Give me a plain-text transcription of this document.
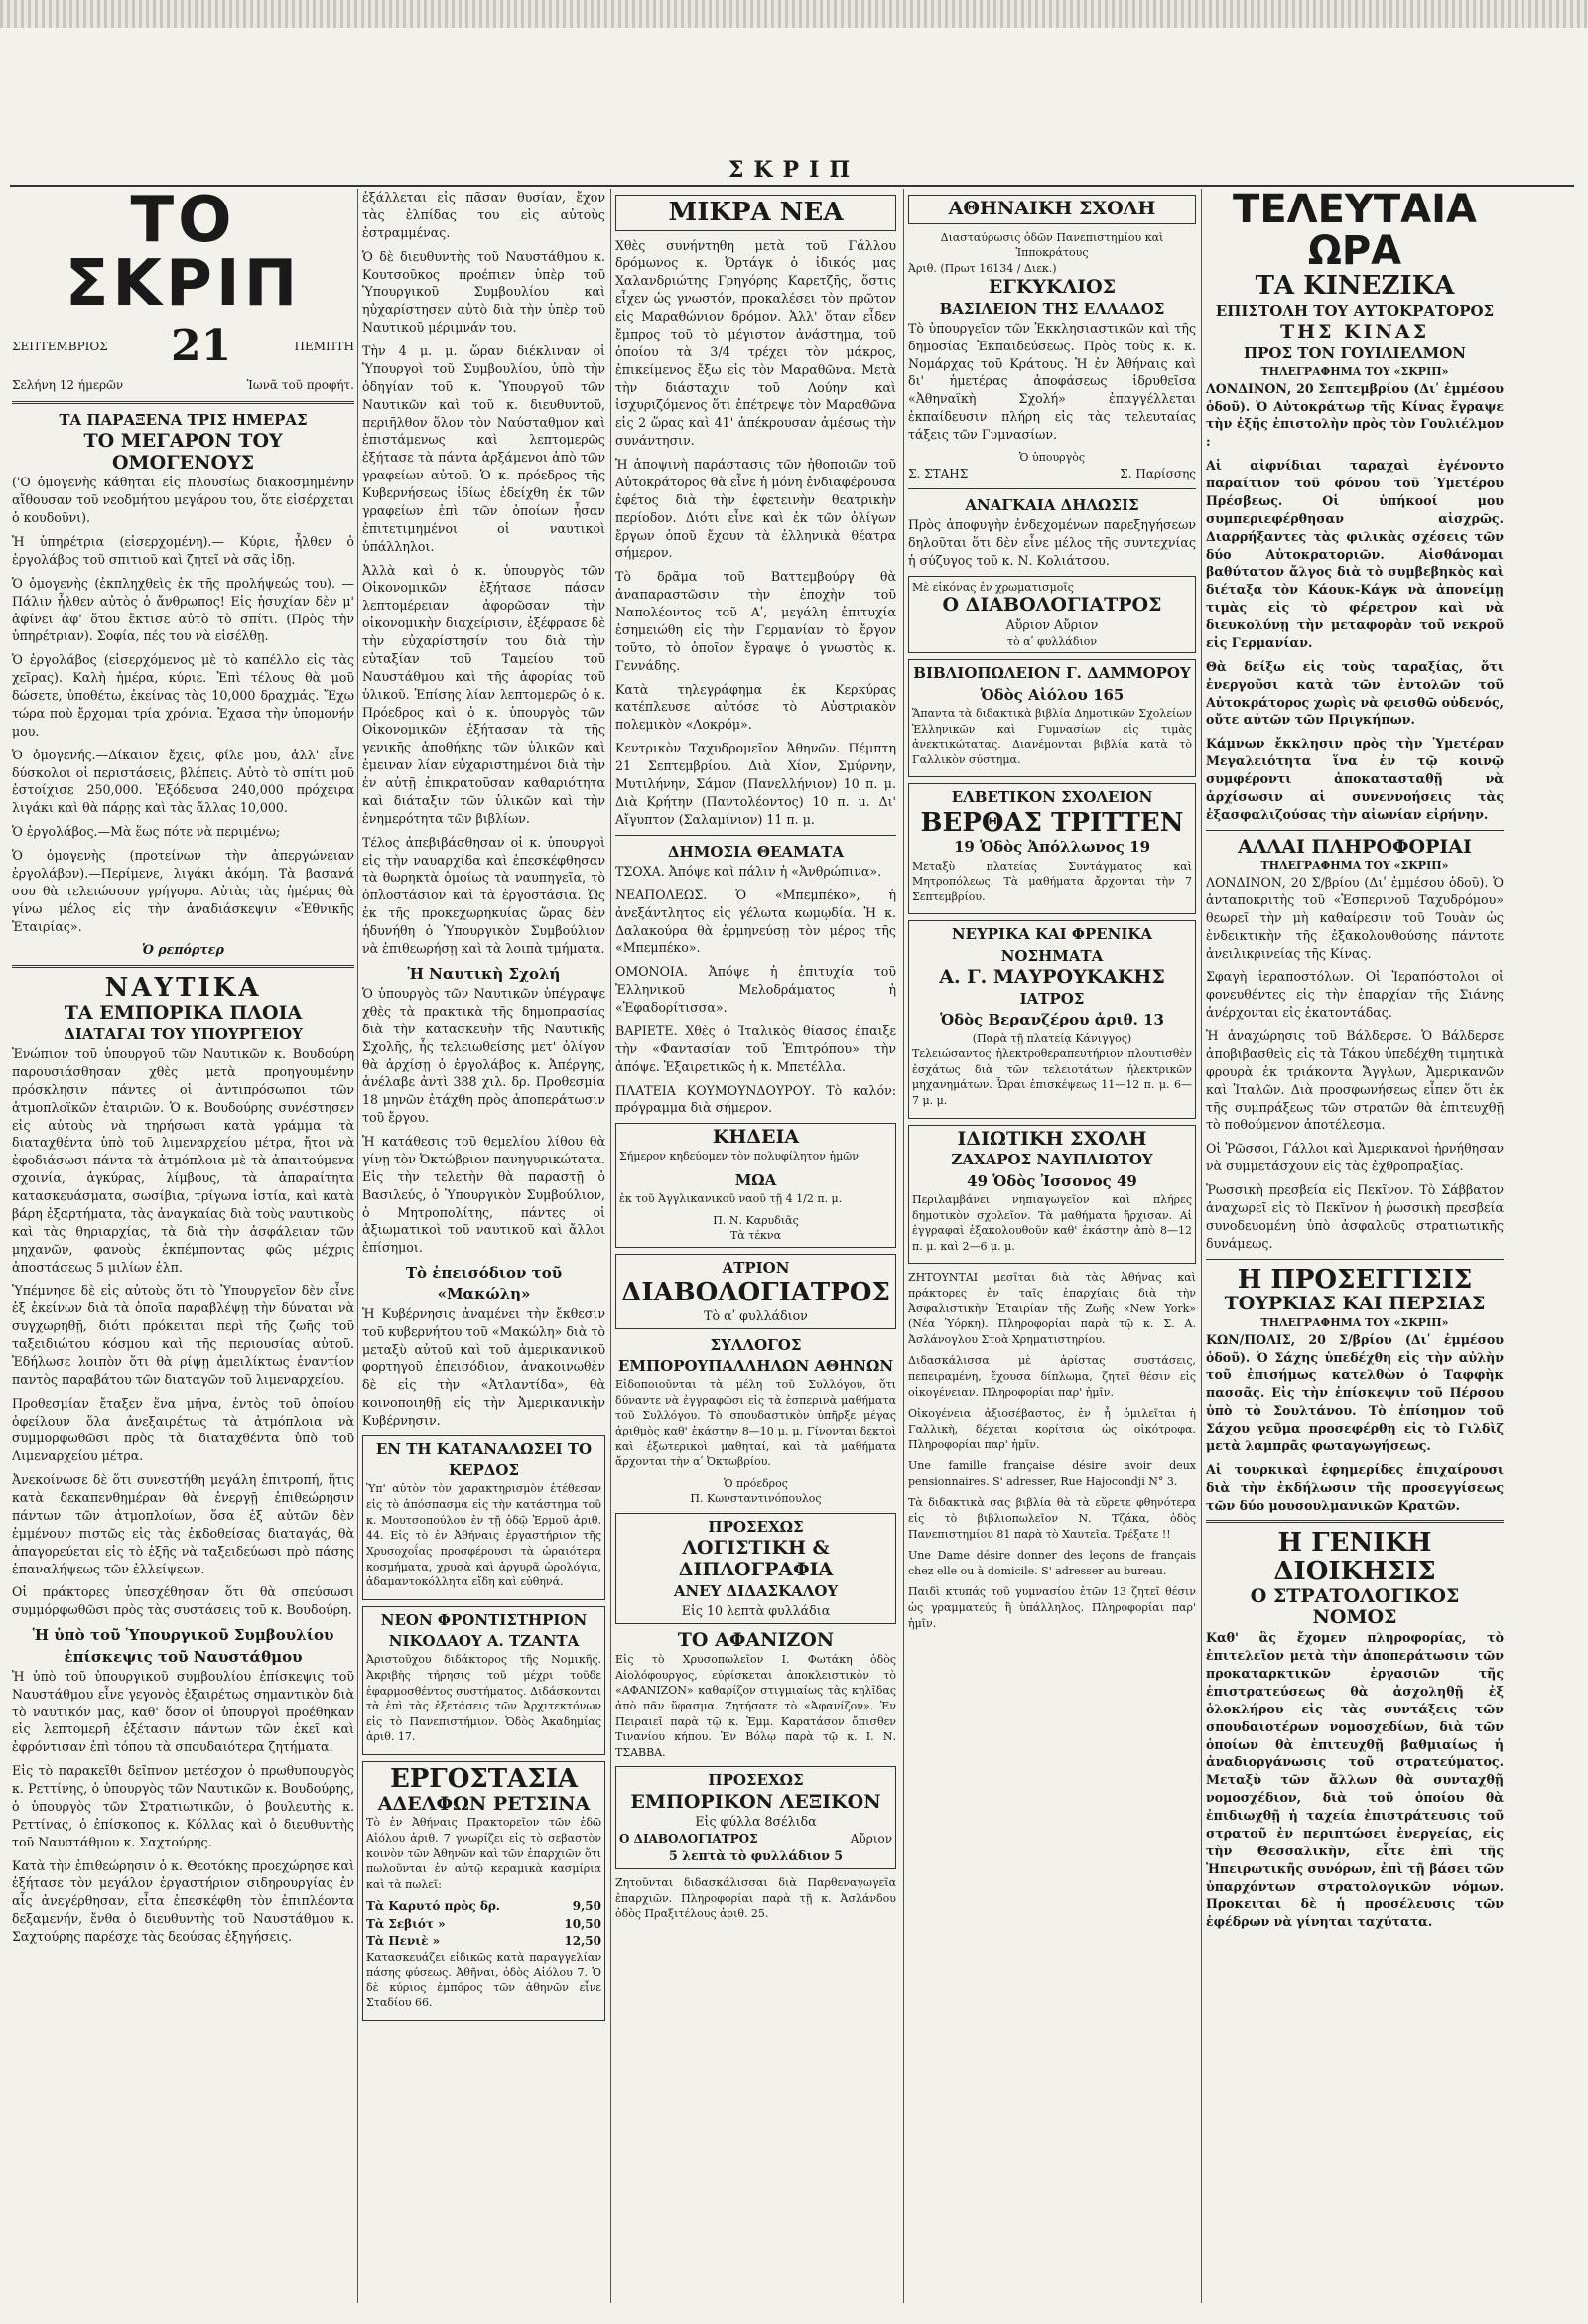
ΣΚΡΙΠ
ΤΟ ΣΚΡΙΠ
ΣΕΠΤΕΜΒΡΙΟΣ 21	ΠΕΜΠΤΗ
Σελήνη 12 ήμερῶν	Ἰωνᾶ τοῦ προφήτ.
ΤΑ ΠΑΡΑΞΕΝΑ ΤΡΙΣ ΗΜΕΡΑΣ
ΤΟ ΜΕΓΑΡΟΝ ΤΟΥ ΟΜΟΓΕΝΟΥΣ

('Ο ὁμογενὴς κάθηται εἰς πλουσίως διακοσμημένην αἴθουσαν τοῦ νεοδμήτου μεγάρου του, ὅτε εἰσέρχεται ὁ κουδοῦνι).

Ἡ ὑπηρέτρια (εἰσερχομένη).— Κύριε, ἦλθεν ὁ ἐργολάβος τοῦ σπιτιοῦ καὶ ζητεῖ νὰ σᾶς ἰδῃ.

Ὁ ὁμογενὴς (ἐκπληχθεὶς ἐκ τῆς προλήψεώς του). — Πάλιν ἦλθεν αὐτὸς ὁ ἄνθρωπος! Εἰς ἡσυχίαν δὲν μ' ἀφίνει ἀφ' ὅτου ἔκτισε αὐτὸ τὸ σπίτι. (Πρὸς τὴν ὑπηρέτριαν). Σοφία, πές του νὰ εἰσέλθῃ.

Ὁ ἐργολάβος (εἰσερχόμενος μὲ τὸ καπέλλο εἰς τὰς χεῖρας). Καλὴ ἡμέρα, κύριε. Ἐπὶ τέλους θὰ μοῦ δώσετε, ὑποθέτω, ἐκείνας τὰς 10,000 δραχμάς. Ἔχω τώρα ποὺ ἔρχομαι τρία χρόνια. Ἐχασα τὴν ὑπομονήν μου.

Ὁ ὁμογενής.—Δίκαιον ἔχεις, φίλε μου, ἀλλ' εἶνε δύσκολοι οἱ περιστάσεις, βλέπεις. Αὐτὸ τὸ σπίτι μοῦ ἐστοίχισε 250,000. Ἐξόδευσα 240,000 πρόχειρα λιγάκι καὶ θὰ πάρῃς καὶ τὰς ἄλλας 10,000.

Ὁ ἐργολάβος.—Μὰ ἕως πότε νὰ περιμένω;

Ὁ ὁμογενὴς (προτείνων τὴν ἀπεργώνειαν ἐργολάβον).—Περίμενε, λιγάκι ἀκόμη. Τὰ βασανά σου θὰ τελειώσουν γρήγορα. Αὐτὰς τὰς ἡμέρας θὰ γίνω μέλος εἰς τὴν ἀναδιάσκεψιν «Ἐθνικῆς Ἑταιρίας».

Ὁ ρεπόρτερ
ΝΑΥΤΙΚΑ
ΤΑ ΕΜΠΟΡΙΚΑ ΠΛΟΙΑ
ΔΙΑΤΑΓΑΙ ΤΟΥ ΥΠΟΥΡΓΕΙΟΥ

Ἐνώπιον τοῦ ὑπουργοῦ τῶν Ναυτικῶν κ. Βουδούρη παρουσιάσθησαν χθὲς μετὰ προηγουμένην πρόσκλησιν πάντες οἱ ἀντιπρόσωποι τῶν ἀτμοπλοϊκῶν ἑταιριῶν. Ὁ κ. Βουδούρης συνέστησεν εἰς αὐτοὺς νὰ τηρήσωσι κατὰ γράμμα τὰ διαταχθέντα ὑπὸ τοῦ λιμεναρχείου μέτρα, ἤτοι νὰ ἐφοδιάσωσι πάντα τὰ ἀτμόπλοια μὲ τὰ ἀπαιτούμενα σχοινία, ἀγκύρας, λίμβους, τὰ ἀπαραίτητα κατασκευάσματα, σωσίβια, τρίγωνα ἱστία, καὶ κατὰ βάρη ἐξαρτήματα, τὰς ἀναγκαίας διὰ τοὺς ναυτικοὺς καὶ τὰς θηριαρχίας, τὰ διὰ τὴν ἀσφάλειαν τῶν μηχανῶν, φανοὺς ἐκπέμποντας φῶς μέχρις ἀποστάσεως 5 μιλίων ἐλπ.

Ὑπέμνησε δὲ εἰς αὐτοὺς ὅτι τὸ Ὑπουργεῖον δὲν εἶνε ἐξ ἐκείνων διὰ τὰ ὁποῖα παραβλέψῃ τὴν δύναται νὰ συγχωρηθῇ, διότι πρόκειται περὶ τῆς ζωῆς τοῦ ταξειδιώτου κόσμου καὶ τῆς περιουσίας αὐτοῦ. Ἐδήλωσε λοιπὸν ὅτι θὰ ρίψῃ ἀμειλίκτως ἐναντίον παντὸς παραβάτου τῶν διαταγῶν τοῦ λιμεναρχείου.

Προθεσμίαν ἔταξεν ἕνα μῆνα, ἐντὸς τοῦ ὁποίου ὀφείλουν ὅλα ἀνεξαιρέτως τὰ ἀτμόπλοια νὰ συμμορφωθῶσι πρὸς τὰ διαταχθέντα ὑπὸ τοῦ Λιμεναρχείου μέτρα.

Ἀνεκοίνωσε δὲ ὅτι συνεστήθη μεγάλη ἐπιτροπή, ἥτις κατὰ δεκαπενθημέραν θὰ ἐνεργῇ ἐπιθεώρησιν πάντων τῶν ἀτμοπλοίων, ὅσα ἐξ αὐτῶν δὲν ἐμμένουν πιστῶς εἰς τὰς ἐκδοθείσας διαταγάς, θὰ ἀπαγορεύεται εἰς τὸ ἑξῆς νὰ ταξειδεύωσι πρὸ πάσης ἐπαναλήψεως τῶν ἐλλείψεων.

Οἱ πράκτορες ὑπεσχέθησαν ὅτι θὰ σπεύσωσι συμμόρφωθῶσι πρὸς τὰς συστάσεις τοῦ κ. Βουδούρη.

Ἡ ὑπὸ τοῦ Ὑπουργικοῦ Συμβουλίου ἐπίσκεψις τοῦ Ναυστάθμου

Ἡ ὑπὸ τοῦ ὑπουργικοῦ συμβουλίου ἐπίσκεψις τοῦ Ναυστάθμου εἶνε γεγονὸς ἐξαιρέτως σημαντικὸν διὰ τὸ ναυτικόν μας, καθ' ὅσον οἱ ὑπουργοὶ προέθηκαν εἰς λεπτομερῆ ἐξέτασιν πάντων τῶν ἐκεῖ καὶ ἐφρόντισαν ἐπὶ τόπου τὰ σπουδαιότερα ζητήματα.

Εἰς τὸ παρακεῖθι δεῖπνον μετέσχον ὁ πρωθυπουργὸς κ. Ρεττίνης, ὁ ὑπουργὸς τῶν Ναυτικῶν κ. Βουδούρης, ὁ ὑπουργὸς τῶν Στρατιωτικῶν, ὁ βουλευτὴς κ. Ρεττίνας, ὁ ἐπίσκοπος κ. Κόλλας καὶ ὁ διευθυντὴς τοῦ Ναυστάθμου κ. Σαχτούρης.

Κατὰ τὴν ἐπιθεώρησιν ὁ κ. Θεοτόκης προεχώρησε καὶ ἐξήτασε τὸν μεγάλον ἐργαστήριον σιδηρουργίας ἐν αἷς ἀνεγέρθησαν, εἶτα ἐπεσκέφθη τὸν ἐπιπλέοντα δεξαμενήν, ἔνθα ὁ διευθυντὴς τοῦ Ναυστάθμου κ. Σαχτούρης παρέσχε τὰς δεούσας ἐξηγήσεις.

ἐξάλλεται εἰς πᾶσαν θυσίαν, ἔχον τὰς ἐλπίδας του εἰς αὐτοὺς ἐστραμμένας.

Ὁ δὲ διευθυντὴς τοῦ Ναυστάθμου κ. Κουτσοῦκος προέπιεν ὑπὲρ τοῦ Ὑπουργικοῦ Συμβουλίου καὶ ηὐχαρίστησεν αὐτὸ διὰ τὴν ὑπὲρ τοῦ Ναυτικοῦ μέριμνάν του.

Τὴν 4 μ. μ. ὥραν διέκλιναν οἱ Ὑπουργοὶ τοῦ Συμβουλίου, ὑπὸ τὴν ὁδηγίαν τοῦ κ. Ὑπουργοῦ τῶν Ναυτικῶν καὶ τοῦ κ. διευθυντοῦ, περιῆλθον ὅλον τὸν Ναύσταθμον καὶ ἐπιστάμενως καὶ λεπτομερῶς ἐξήτασε τὰ πάντα ἀρξάμενοι ἀπὸ τῶν γραφείων αὐτοῦ. Ὁ κ. πρόεδρος τῆς Κυβερνήσεως ἰδίως ἐδείχθη ἐκ τῶν γραφείων ἐπὶ τῶν ὁποίων ἦσαν ἐπιτετιμημένοι οἱ ναυτικοὶ ὑπάλληλοι.

Ἀλλὰ καὶ ὁ κ. ὑπουργὸς τῶν Οἰκονομικῶν ἐξήτασε πάσαν λεπτομέρειαν ἀφορῶσαν τὴν οἰκονομικὴν διαχείρισιν, ἐξέφρασε δὲ τὴν εὐχαρίστησίν του διὰ τὴν εὐταξίαν τοῦ Ταμείου τοῦ Ναυστάθμου καὶ τῆς ἀφορίας τοῦ ὑλικοῦ. Ἐπίσης λίαν λεπτομερῶς ὁ κ. Πρόεδρος καὶ ὁ κ. ὑπουργὸς τῶν Οἰκονομικῶν ἐξήτασαν τὰ τῆς γενικῆς ἀποθήκης τῶν ὑλικῶν καὶ ἐμειναν λίαν εὐχαριστημένοι διὰ τὴν ἐν αὐτῇ ἐπικρατοῦσαν καθαριότητα καὶ διάταξιν τῶν ὑλικῶν καὶ τὴν ἐνημερότητα τῶν βιβλίων.

Τέλος ἀπεβιβάσθησαν οἱ κ. ὑπουργοὶ εἰς τὴν ναυαρχίδα καὶ ἐπεσκέφθησαν τὰ θωρηκτὰ ὁμοίως τὰ ναυπηγεῖα, τὸ ὁπλοστάσιον καὶ τὰ ἐργοστάσια. Ὡς ἐκ τῆς προκεχωρηκυίας ὥρας δὲν ἠδυνήθη ὁ Ὑπουργικὸν Συμβούλιον νὰ ἐπιθεωρήσῃ καὶ τὰ λοιπὰ τμήματα.

Ἡ Ναυτικὴ Σχολή

Ὁ ὑπουργὸς τῶν Ναυτικῶν ὑπέγραψε χθὲς τὰ πρακτικὰ τῆς δημοπρασίας διὰ τὴν κατασκευὴν τῆς Ναυτικῆς Σχολῆς, ἧς τελειωθείσης μετ' ὀλίγον θὰ ἀρχίσῃ ὁ ἐργολάβος κ. Ἀπέργης, ἀνέλαβε ἀντὶ 388 χιλ. δρ. Προθεσμία 18 μηνῶν ἐτάχθη πρὸς ἀποπεράτωσιν τοῦ ἔργου.

Ἡ κατάθεσις τοῦ θεμελίου λίθου θὰ γίνῃ τὸν Ὀκτώβριον πανηγυρικώτατα. Εἰς τὴν τελετὴν θὰ παραστῇ ὁ Βασιλεύς, ὁ Ὑπουργικὸν Συμβούλιον, ὁ Μητροπολίτης, πάντες οἱ ἀξιωματικοὶ τοῦ ναυτικοῦ καὶ ἄλλοι ἐπίσημοι.

Τὸ ἐπεισόδιον τοῦ «Μακώλη»

Ἡ Κυβέρνησις ἀναμένει τὴν ἔκθεσιν τοῦ κυβερνήτου τοῦ «Μακώλη» διὰ τὸ μεταξὺ αὐτοῦ καὶ τοῦ ἀμερικανικοῦ φορτηγοῦ ἐπεισόδιον, ἀνακοινωθὲν δὲ εἰς τὴν «Ἀτλαντίδα», θὰ κοινοποιηθῇ εἰς τὴν Ἀμερικανικὴν Κυβέρνησιν.

ΕΝ ΤΗ ΚΑΤΑΝΑΛΩΣΕΙ ΤΟ ΚΕΡΔΟΣ

Ὑπ' αὐτὸν τὸν χαρακτηρισμὸν ἐτέθεσαν εἰς τὸ ἀπόσπασμα εἰς τὴν κατάστημα τοῦ κ. Μουτσοπούλου ἐν τῇ ὁδῷ Ἑρμοῦ ἀριθ. 44. Εἰς τὸ ἐν Ἀθήναις ἐργαστήριον τῆς Χρυσοχοΐας προσφέρουσι τὰ ὡραιότερα κοσμήματα, χρυσὰ καὶ ἀργυρᾶ ὡρολόγια, ἀδαμαντοκόλλητα εἴδη καὶ εὐθηνά.

ΝΕΟΝ ΦΡΟΝΤΙΣΤΗΡΙΟΝ
ΝΙΚΟΔΑΟΥ Α. ΤΖΑΝΤΑ

Ἀριστοῦχου διδάκτορος τῆς Νομικῆς. Ἀκριβὴς τήρησις τοῦ μέχρι τοῦδε ἐφαρμοσθέντος συστήματος. Διδάσκονται τὰ ἐπὶ τὰς ἐξετάσεις τῶν Ἀρχιτεκτόνων εἰς τὸ Πανεπιστήμιον. Ὁδὸς Ἀκαδημίας ἀριθ. 17.

ΕΡΓΟΣΤΑΣΙΑ
ΑΔΕΛΦΩΝ ΡΕΤΣΙΝΑ

Τὸ ἐν Ἀθήναις Πρακτορεῖον τῶν ἐδῶ Αἰόλου ἀριθ. 7 γνωρίζει εἰς τὸ σεβαστὸν κοινὸν τῶν Ἀθηνῶν καὶ τῶν ἐπαρχιῶν ὅτι πωλοῦνται ἐν αὐτῷ κεραμικὰ κασμίρια καὶ τὰ πωλεῖ:

Τὰ Καρυτό πρὸς δρ.	9,50
Τὰ Σεβιότ »	10,50
Τὰ Πενιὲ »	12,50

Κατασκευάζει εἰδικῶς κατὰ παραγγελίαν πάσης φύσεως. Ἀθῆναι, ὁδὸς Αἰόλου 7. Ὁ δὲ κύριος ἐμπόρος τῶν ἀθηνῶν εἶνε Σταδίου 66.

ΜΙΚΡΑ ΝΕΑ

Χθὲς συνήντηθη μετὰ τοῦ Γάλλου δρόμωνος κ. Ὀρτάγκ ὁ ἰδικός μας Χαλανδριώτης Γρηγόρης Καρετζῆς, ὅστις εἶχεν ὡς γνωστόν, προκαλέσει τὸν πρῶτον εἰς Μαραθώνιον δρόμον. Ἀλλ' ὅταν εἶδεν ἔμπρος τοῦ τὸ μέγιστον ἀνάστημα, τοῦ ὁποίου τὰ 3/4 τρέχει τὸν μάκρος, ἐπικείμενος ἔξω εἰς τὸν Μαραθῶνα. Μετὰ τὴν διάσταχιν τοῦ Λούην καὶ ἰσχυριζόμενος ὅτι ἐπέτρεψε τὸν Μαραθῶνα εἰς 2 ὥρας καὶ 41' ἀπέκρουσαν ἀμέσως τὴν συνάντησιν.

Ἡ ἀποψινὴ παράστασις τῶν ἠθοποιῶν τοῦ Αὐτοκράτορος θὰ εἶνε ἡ μόνη ἐνδιαφέρουσα ἐφέτος διὰ τὴν ἐφετεινὴν θεατρικὴν περίοδον. Διότι εἶνε καὶ ἐκ τῶν ὀλίγων ἔργων ὁποῦ ἔχουν τὰ ἐλληνικὰ θέατρα σήμερον.

Τὸ δρᾶμα τοῦ Βαττεμβούργ θὰ ἀναπαραστῶσιν τὴν ἐποχὴν τοῦ Ναπολέοντος τοῦ Αʹ, μεγάλη ἐπιτυχία ἐσημειώθη εἰς τὴν Γερμανίαν τὸ ἔργον τοῦτο, τὸ ὁποῖον ἔγραψε ὁ γνωστὸς κ. Γεννάδης.

Κατὰ τηλεγράφημα ἐκ Κερκύρας κατέπλευσε αὐτόσε τὸ Αὐστριακὸν πολεμικὸν «Λοκρόμ».

Κεντρικὸν Ταχυδρομεῖον Ἀθηνῶν. Πέμπτη 21 Σεπτεμβρίου. Διὰ Χίον, Σμύρνην, Μυτιλήνην, Σάμον (Πανελλήνιον) 10 π. μ. Διὰ Κρήτην (Παντολέοντος) 10 π. μ. Δι' Αἴγυπτον (Σαλαμίνιον) 11 π. μ.

ΔΗΜΟΣΙΑ ΘΕΑΜΑΤΑ

ΤΣΟΧΑ. Ἀπόψε καὶ πάλιν ἡ «Ἀνθρώπινα».

ΝΕΑΠΟΛΕΩΣ. Ὁ «Μπεμπέκο», ἡ ἀνεξάντλητος εἰς γέλωτα κωμῳδία. Ἡ κ. Δαλακούρα θὰ ἑρμηνεύσῃ τὸν μέρος τῆς «Μπεμπέκο».

ΟΜΟΝΟΙΑ. Ἀπόψε ἡ ἐπιτυχία τοῦ Ἐλληνικοῦ Μελοδράματος ἡ «Ἐφαδορίτισσα».

ΒΑΡΙΕΤΕ. Χθὲς ὁ Ἰταλικὸς θίασος ἐπαιξε τὴν «Φαντασίαν τοῦ Ἐπιτρόπου» τὴν ἀπόψε. Ἐξαιρετικῶς ἡ κ. Μπετέλλα.

ΠΛΑΤΕΙΑ ΚΟΥΜΟΥΝΔΟΥΡΟΥ. Τὸ καλόν: πρόγραμμα διὰ σήμερον.

ΚΗΔΕΙΑ

Σήμερον κηδεύομεν τὸν πολυφίλητον ἡμῶν

ΜΩΑ

ἐκ τοῦ Ἀγγλικανικοῦ ναοῦ τῇ 4 1/2 π. μ.

Π. Ν. Καρυδιᾶς
Τὰ τέκνα
ΑΤΡΙΟΝ
ΔΙΑΒΟΛΟΓΙΑΤΡΟΣ
Τὸ αʹ φυλλάδιον
ΣΥΛΛΟΓΟΣ ΕΜΠΟΡΟΥΠΑΛΛΗΛΩΝ ΑΘΗΝΩΝ

Εἰδοποιοῦνται τὰ μέλη τοῦ Συλλόγου, ὅτι δύναντε νὰ ἐγγραφῶσι εἰς τὰ ἑσπερινὰ μαθήματα τοῦ Συλλόγου. Τὸ σπουδαστικὸν ὑπῆρξε μέγας ἀριθμὸς καθ' ἑκάστην 8—10 μ. μ. Γίνονται δεκτοὶ καὶ ἐξωτερικοὶ μαθηταί, καὶ τὰ μαθήματα ἄρχονται τὴν αʹ Ὀκτωβρίου.

Ὁ πρόεδρος
Π. Κωνσταντινόπουλος
ΠΡΟΣΕΧΩΣ
ΛΟΓΙΣΤΙΚΗ & ΔΙΠΛΟΓΡΑΦΙΑ
ΑΝΕΥ ΔΙΔΑΣΚΑΛΟΥ
Εἰς 10 λεπτὰ φυλλάδια
ΤΟ ΑΦΑΝΙΖΟΝ

Εἰς τὸ Χρυσοπωλεῖον Ι. Φωτάκη ὁδὸς Αἰολόφουργος, εὐρίσκεται ἀποκλειστικὸν τὸ «ΑΦΑΝΙΖΟΝ» καθαρίζον στιγμιαίως τὰς κηλῖδας ἀπὸ πᾶν ὕφασμα. Ζητήσατε τὸ «Ἀφανίζον». Ἐν Πειραιεῖ παρὰ τῷ κ. Ἐμμ. Καρατάσον ὄπισθεν Τινανίου κήπου. Ἐν Βόλῳ παρὰ τῷ κ. Ι. Ν. ΤΣΑΒΒΑ.

ΠΡΟΣΕΧΩΣ
ΕΜΠΟΡΙΚΟΝ ΛΕΞΙΚΟΝ
Εἰς φύλλα 8σέλιδα
Ο ΔΙΑΒΟΛΟΓΙΑΤΡΟΣ	Αὔριον
5 λεπτὰ τὸ φυλλάδιον 5

Ζητοῦνται διδασκάλισσαι διὰ Παρθεναγωγεῖα ἐπαρχιῶν. Πληροφορίαι παρὰ τῇ κ. Ἀσλάνδου ὀδὸς Πραξιτέλους ἀριθ. 25.

ΑΘΗΝΑΙΚΗ ΣΧΟΛΗ
Διασταύρωσις ὁδῶν Πανεπιστημίου καὶ Ἱπποκράτους
Ἀριθ. (Πρωτ 16134 / Διεκ.)
ΕΓΚΥΚΛΙΟΣ
ΒΑΣΙΛΕΙΟΝ ΤΗΣ ΕΛΛΑΔΟΣ

Τὸ ὑπουργεῖον τῶν Ἐκκλησιαστικῶν καὶ τῆς δημοσίας Ἐκπαιδεύσεως. Πρὸς τοὺς κ. κ. Νομάρχας τοῦ Κράτους. Ἡ ἐν Ἀθήναις καὶ δι' ἡμετέρας ἀποφάσεως ἱδρυθεῖσα «Ἀθηναϊκὴ Σχολή» ἐπαγγέλλεται ἐκπαίδευσιν πλήρη εἰς τὰς τελευταίας τάξεις τῶν Γυμνασίων.

Ὁ ὑπουργὸς
Σ. ΣΤΑΗΣ	Σ. Παρίσσης
ΑΝΑΓΚΑΙΑ ΔΗΛΩΣΙΣ

Πρὸς ἀποφυγὴν ἐνδεχομένων παρεξηγήσεων δηλοῦται ὅτι δὲν εἶνε μέλος τῆς συντεχνίας ἡ σύζυγος τοῦ κ. Ν. Κολιάτσου.

Μὲ εἰκόνας ἐν χρωματισμοῖς
Ο ΔΙΑΒΟΛΟΓΙΑΤΡΟΣ
Αὔριον Αὔριον
τὸ αʹ φυλλάδιον
ΒΙΒΛΙΟΠΩΛΕΙΟΝ Γ. ΔΑΜΜΟΡΟΥ
Ὁδὸς Αἰόλου 165

Ἅπαντα τὰ διδακτικὰ βιβλία Δημοτικῶν Σχολείων Ἑλληνικῶν καὶ Γυμνασίων εἰς τιμὰς ἀνεκτικώτατας. Διανέμονται βιβλία κατὰ τὸ Γαλλικὸν σύστημα.

ΕΛΒΕΤΙΚΟΝ ΣΧΟΛΕΙΟΝ
ΒΕΡΘΑΣ ΤΡΙΤΤΕΝ
19 Ὁδὸς Ἀπόλλωνος 19

Μεταξὺ πλατείας Συντάγματος καὶ Μητροπόλεως. Τὰ μαθήματα ἄρχονται τὴν 7 Σεπτεμβρίου.

ΝΕΥΡΙΚΑ ΚΑΙ ΦΡΕΝΙΚΑ ΝΟΣΗΜΑΤΑ
Α. Γ. ΜΑΥΡΟΥΚΑΚΗΣ
ΙΑΤΡΟΣ
Ὁδὸς Βερανζέρου ἀριθ. 13
(Παρὰ τῇ πλατείᾳ Κάνιγγος)

Τελειώσαντος ἠλεκτροθεραπευτήριον πλουτισθὲν ἐσχάτως διὰ τῶν τελειοτάτων ἠλεκτρικῶν μηχανημάτων. Ὧραι ἐπισκέψεως 11—12 π. μ. 6—7 μ. μ.

ΙΔΙΩΤΙΚΗ ΣΧΟΛΗ
ΖΑΧΑΡΟΣ ΝΑΥΠΛΙΩΤΟΥ
49 Ὁδὸς Ἰσσονος 49

Περιλαμβάνει νηπιαγωγεῖον καὶ πλήρες δημοτικὸν σχολεῖον. Τὰ μαθήματα ἤρχισαν. Αἱ ἐγγραφαὶ ἐξακολουθοῦν καθ' ἑκάστην ἀπὸ 8—12 π. μ. καὶ 2—6 μ. μ.

ΖΗΤΟΥΝΤΑΙ μεσῖται διὰ τὰς Ἀθήνας καὶ πράκτορες ἐν ταῖς ἐπαρχίαις διὰ τὴν Ἀσφαλιστικὴν Ἑταιρίαν τῆς Ζωῆς «New York» (Νέα Ὑόρκη). Πληροφορίαι παρὰ τῷ κ. Σ. Α. Ἀσλάνογλου Στοὰ Χρηματιστηρίου.

Διδασκάλισσα μὲ ἀρίστας συστάσεις, πεπειραμένη, ἔχουσα δίπλωμα, ζητεῖ θέσιν εἰς οἰκογένειαν. Πληροφορίαι παρ' ἡμῖν.

Οἰκογένεια ἀξιοσέβαστος, ἐν ἧ ὁμιλεῖται ἡ Γαλλικὴ, δέχεται κορίτσια ὡς οἰκότροφα. Πληροφορίαι παρ' ἡμῖν.

Une famille française désire avoir deux pensionnaires. S' adresser, Rue Hajocondji N° 3.

Τὰ διδακτικὰ σας βιβλία θὰ τὰ εὕρετε φθηνότερα εἰς τὸ βιβλιοπωλεῖον Ν. Τζάκα, ὁδὸς Πανεπιστημίου 81 παρὰ τὸ Χαυτεῖα. Τρέξατε !!

Une Dame désire donner des leçons de français chez elle ou à domicile. S' adresser au bureau.

Παιδὶ κτυπάς τοῦ γυμνασίου ἐτῶν 13 ζητεῖ θέσιν ὡς γραμματεύς ἢ ὑπάλληλος. Πληροφορίαι παρ' ἡμῖν.

ΤΕΛΕΥΤΑΙΑ ΩΡΑ
ΤΑ ΚΙΝΕΖΙΚΑ
ΕΠΙΣΤΟΛΗ ΤΟΥ ΑΥΤΟΚΡΑΤΟΡΟΣ
ΤΗΣ ΚΙΝΑΣ
ΠΡΟΣ ΤΟΝ ΓΟΥΙΛΙΕΛΜΟΝ
ΤΗΛΕΓΡΑΦΗΜΑ ΤΟΥ «ΣΚΡΙΠ»

ΛΟΝΔΙΝΟΝ, 20 Σεπτεμβρίου (Διʹ ἐμμέσου ὁδοῦ). Ὁ Αὐτοκράτωρ τῆς Κίνας ἔγραψε τὴν ἑξῆς ἐπιστολὴν πρὸς τὸν Γουλιέλμον :

Αἱ αἰφνίδιαι ταραχαὶ ἐγένοντο παραίτιον τοῦ φόνου τοῦ Ὑμετέρου Πρέσβεως. Οἱ ὑπήκοοί μου συμπεριεφέρθησαν αἰσχρῶς. Διαρρήξαντες τὰς φιλικὰς σχέσεις τῶν δύο Αὐτοκρατοριῶν. Αἰσθάνομαι βαθύτατον ἄλγος διὰ τὸ συμβεβηκὸς καὶ διέταξα τὸν Κάουκ-Κάγκ νὰ ἀπονείμῃ τιμὰς εἰς τὸ φέρετρον καὶ νὰ διευκολύνῃ τὴν μεταφορὰν τοῦ νεκροῦ εἰς Γερμανίαν.

Θὰ δείξω εἰς τοὺς ταραξίας, ὅτι ἐνεργοῦσι κατὰ τῶν ἐντολῶν τοῦ Αὐτοκράτορος χωρὶς νὰ φεισθῶ οὐδενός, οὔτε αὐτῶν τῶν Πριγκήπων.

Κάμνων ἔκκλησιν πρὸς τὴν Ὑμετέραν Μεγαλειότητα ἵνα ἐν τῷ κοινῷ συμφέροντι ἀποκατασταθῇ νὰ ἀρχίσωσιν αἱ συνεννοήσεις τὰς ἐξασφαλιζούσας τὴν αἰωνίαν εἰρήνην.

ΑΛΛΑΙ ΠΛΗΡΟΦΟΡΙΑΙ
ΤΗΛΕΓΡΑΦΗΜΑ ΤΟΥ «ΣΚΡΙΠ»

ΛΟΝΔΙΝΟΝ, 20 Σ/βρίου (Διʹ ἐμμέσου ὁδοῦ). Ὁ ἀνταποκριτὴς τοῦ «Ἑσπερινοῦ Ταχυδρόμου» θεωρεῖ τὴν μὴ καθαίρεσιν τοῦ Τουὰν ὡς ἐνδεικτικὴν τῆς ἐξακολουθούσης πάντοτε ἀνειλικρινείας τῆς Κίνας.

Σφαγὴ ἱεραποστόλων. Οἱ Ἱεραπόστολοι οἱ φονευθέντες εἰς τὴν ἐπαρχίαν τῆς Σιάνης ἀνέρχονται εἰς ἑκατοντάδας.

Ἡ ἀναχώρησις τοῦ Βάλδερσε. Ὁ Βάλδερσε ἀποβιβασθεὶς εἰς τὰ Τάκου ὑπεδέχθη τιμητικὰ φρουρὰ ἐκ τριάκοντα Ἄγγλων, Ἀμερικανῶν καὶ Ἰταλῶν. Διὰ προσφωνήσεως εἶπεν ὅτι ἐκ τῆς συμπράξεως τῶν στρατῶν θὰ ἐπιτευχθῇ τὸ ποθούμενον ἀποτέλεσμα.

Οἱ Ῥῶσσοι, Γάλλοι καὶ Ἀμερικανοὶ ἠρνήθησαν νὰ συμμετάσχουν εἰς τὰς ἐχθροπραξίας.

Ῥωσσικὴ πρεσβεία εἰς Πεκῖνον. Τὸ Σάββατον ἀναχωρεῖ εἰς τὸ Πεκῖνον ἡ ῥωσσικὴ πρεσβεία συνοδευομένη ὑπὸ ἀσφαλοῦς στρατιωτικῆς δυνάμεως.

Η ΠΡΟΣΕΓΓΙΣΙΣ
ΤΟΥΡΚΙΑΣ ΚΑΙ ΠΕΡΣΙΑΣ
ΤΗΛΕΓΡΑΦΗΜΑ ΤΟΥ «ΣΚΡΙΠ»

ΚΩΝ/ΠΟΛΙΣ, 20 Σ/βρίου (Διʹ ἐμμέσου ὁδοῦ). Ὁ Σάχης ὑπεδέχθη εἰς τὴν αὐλὴν τοῦ ἐπισήμως κατελθὼν ὁ Ταφφὴκ πασσᾶς. Εἰς τὴν ἐπίσκεψιν τοῦ Πέρσου ὑπὸ τὸ Σουλτάνου. Τὸ ἐπίσημον τοῦ Σάχου γεῦμα προσεφέρθη εἰς τὸ Γιλδὶζ μετὰ λαμπρᾶς φωταγωγήσεως.

Αἱ τουρκικαὶ ἐφημερίδες ἐπιχαίρουσι διὰ τὴν ἐκδήλωσιν τῆς προσεγγίσεως τῶν δύο μουσουλμανικῶν Κρατῶν.

Η ΓΕΝΙΚΗ ΔΙΟΙΚΗΣΙΣ
Ο ΣΤΡΑΤΟΛΟΓΙΚΟΣ ΝΟΜΟΣ

Καθ' ἃς ἔχομεν πληροφορίας, τὸ ἐπιτελεῖον μετὰ τὴν ἀποπεράτωσιν τῶν προκαταρκτικῶν ἐργασιῶν τῆς ἐπιστρατεύσεως θὰ ἀσχοληθῇ ἐξ ὁλοκλήρου εἰς τὰς συντάξεις τῶν σπουδαιοτέρων νομοσχεδίων, διὰ τῶν ὁποίων θὰ ἐπιτευχθῇ βαθμιαίως ἡ ἀναδιοργάνωσις τοῦ στρατεύματος. Μεταξὺ τῶν ἄλλων θὰ συνταχθῇ νομοσχέδιον, διὰ τοῦ ὁποίου θὰ ἐπιδιωχθῇ ἡ ταχεία ἐπιστράτευσις τοῦ στρατοῦ ἐν περιπτώσει ἐνεργείας, εἰς τὴν Θεσσαλικὴν, εἶτε ἐπὶ τῆς Ἠπειρωτικῆς συνόρων, ἐπὶ τῇ βάσει τῶν ὑπαρχόντων στρατολογικῶν νόμων. Προκειται δὲ ἡ προσέλευσις τῶν ἐφέδρων νὰ γίνηται ταχύτατα.
